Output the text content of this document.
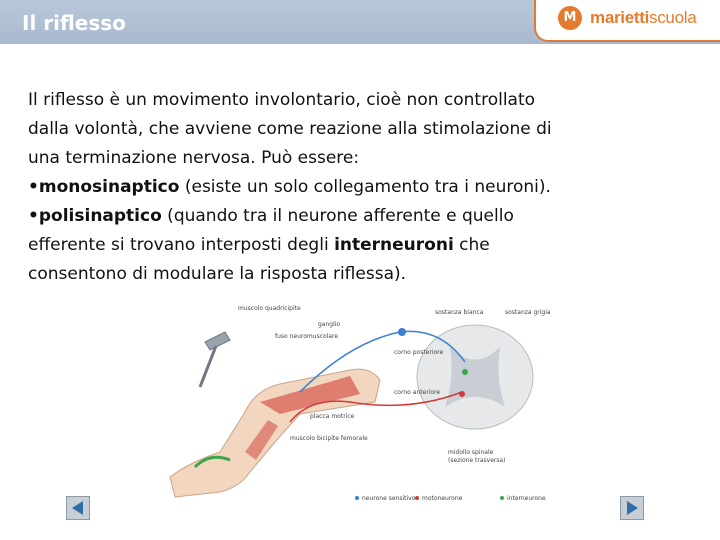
Il riflesso	M mariettiscuola

Il riflesso è un movimento involontario, cioè non controllato

dalla volontà, che avviene come reazione alla stimolazione di

una terminazione nervosa. Può essere:

•monosinaptico (esiste un solo collegamento tra i neuroni).

•polisinaptico (quando tra il neurone afferente e quello

efferente si trovano interposti degli interneuroni che

consentono di modulare la risposta riflessa).

muscolo quadricipite
fuso neuromuscolare
ganglio
sostanza bianca	sostanza grigia
corno posteriore
corno anteriore
placca motrice
muscolo bicipite femorale
midollo spinale
(sezione trasversa)
neurone sensitivo motoneurone	interneurone
